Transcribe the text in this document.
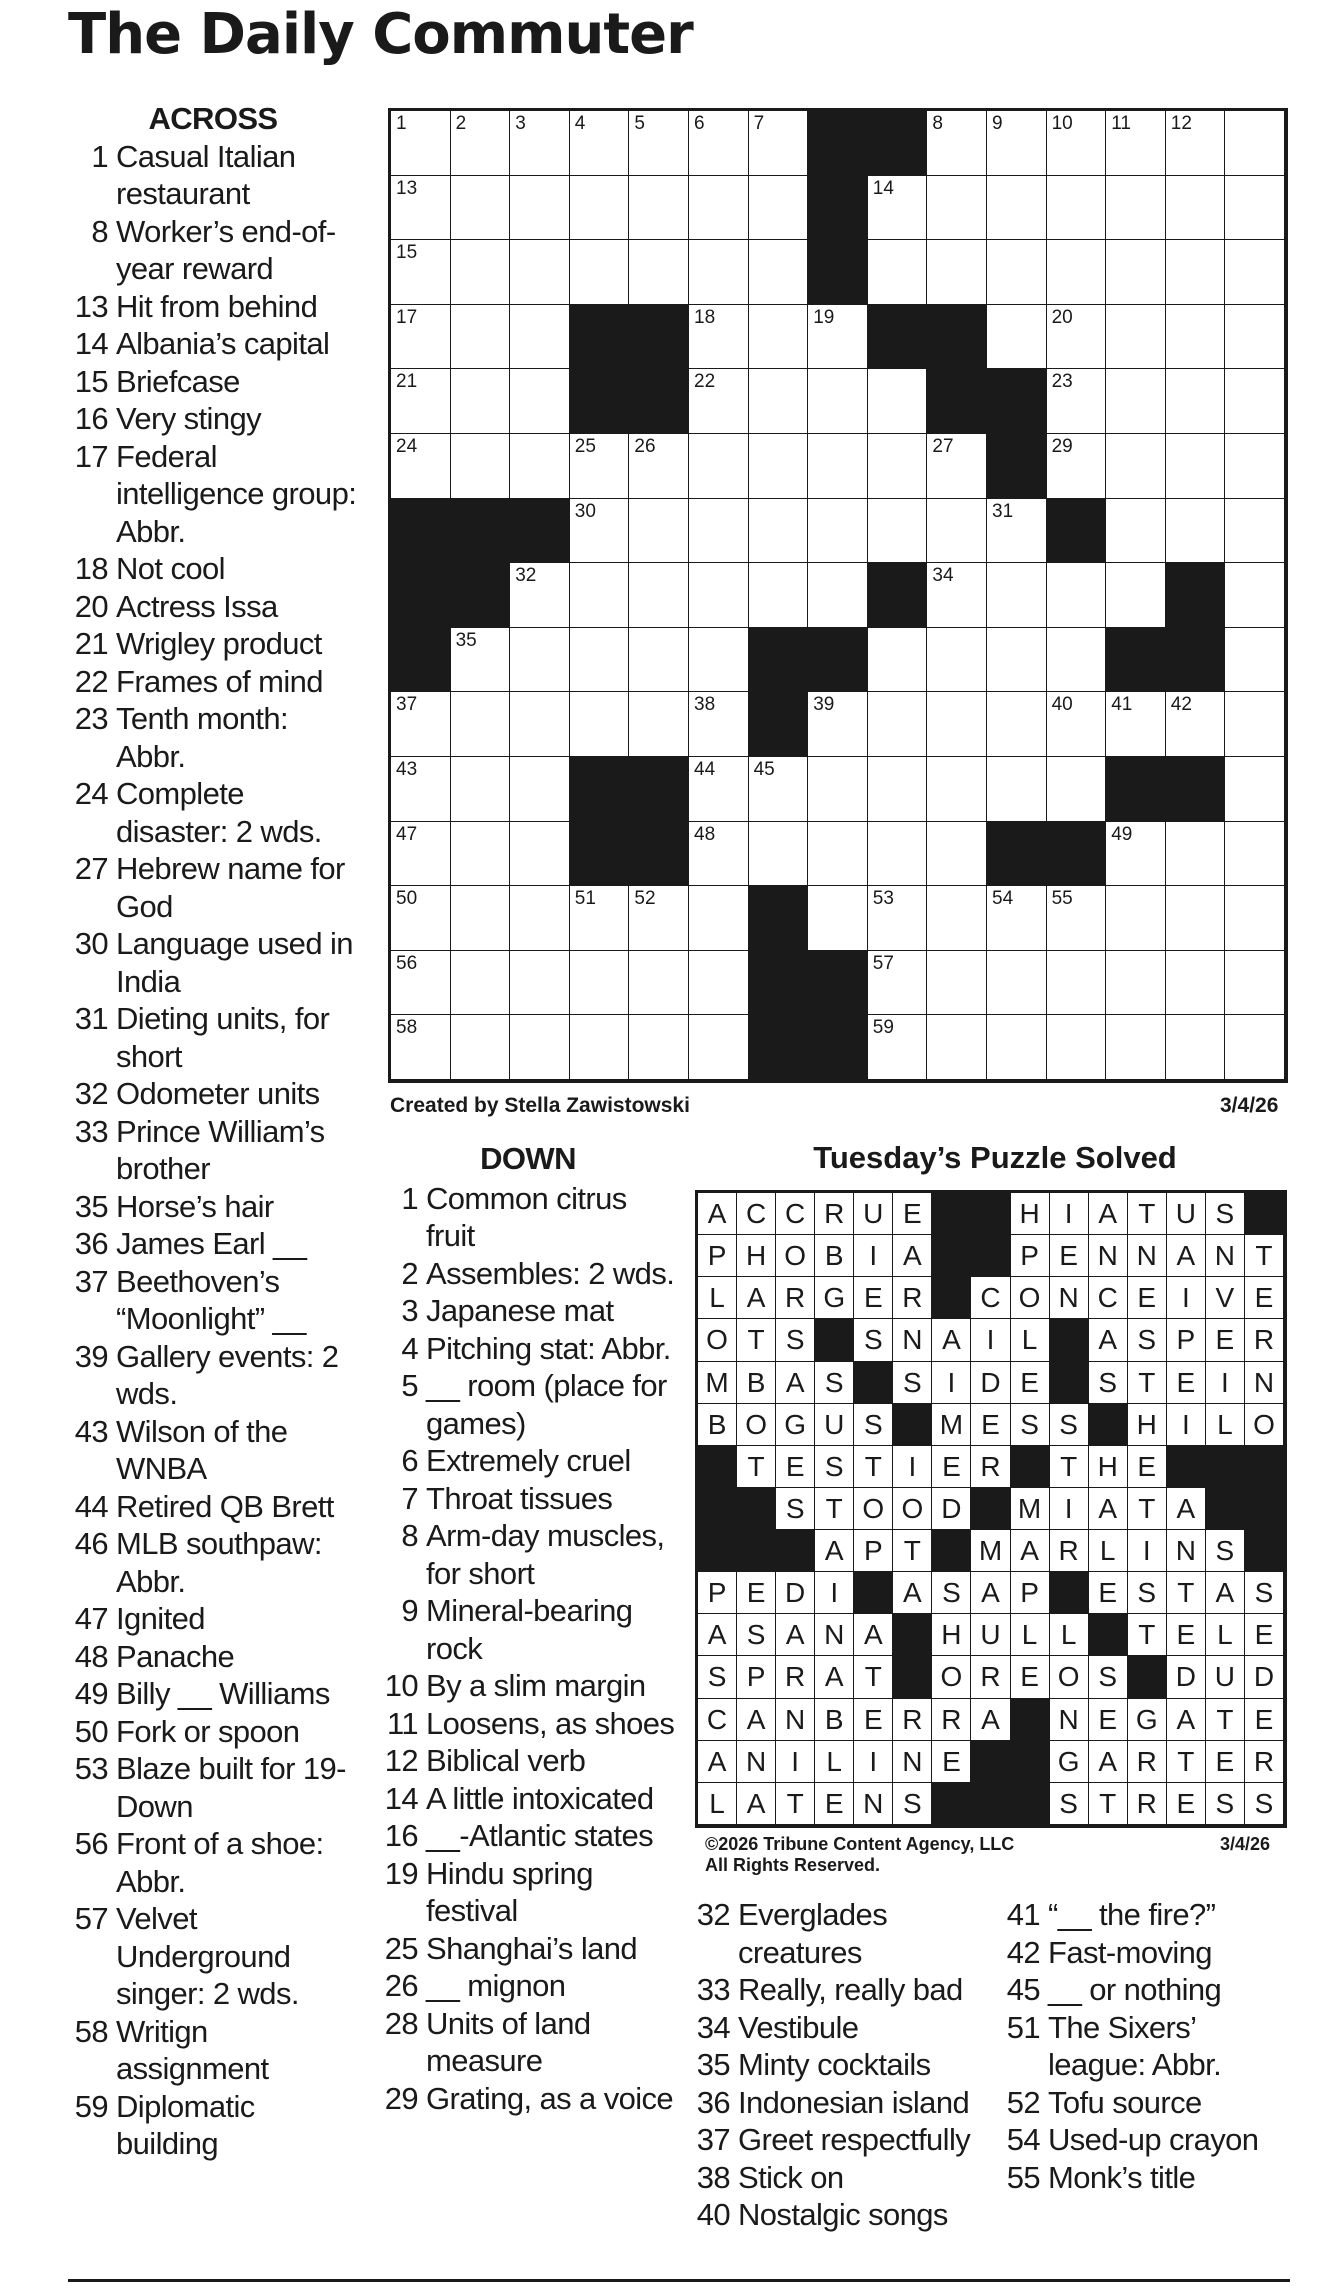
The Daily Commuter
ACROSS
1 Casual Italian restaurant
8 Worker’s end-of-year reward
13 Hit from behind
14 Albania’s capital
15 Briefcase
16 Very stingy
17 Federal intelligence group: Abbr.
18 Not cool
20 Actress Issa
21 Wrigley product
22 Frames of mind
23 Tenth month: Abbr.
24 Complete disaster: 2 wds.
27 Hebrew name for God
30 Language used in India
31 Dieting units, for short
32 Odometer units
33 Prince William’s brother
35 Horse’s hair
36 James Earl __
37 Beethoven’s “Moonlight” __
39 Gallery events: 2 wds.
43 Wilson of the WNBA
44 Retired QB Brett
46 MLB southpaw: Abbr.
47 Ignited
48 Panache
49 Billy __ Williams
50 Fork or spoon
53 Blaze built for 19-Down
56 Front of a shoe: Abbr.
57 Velvet Underground singer: 2 wds.
58 Writign assignment
59 Diplomatic building
1	2	3	4	5	6	7	8	9	10 11 12
13	14
15
17	18	19	20
21	22	23
24	25 26	27	29
30	31
32	34
35
37	38	39	40 41 42
43	44 45
47	48	49
50	51 52	53	54 55
56	57
58	59
Created by Stella Zawistowski	3/4/26
DOWN
1 Common citrus fruit
2 Assembles: 2 wds.
3 Japanese mat
4 Pitching stat: Abbr.
5 __ room (place for games)
6 Extremely cruel
7 Throat tissues
8 Arm-day muscles, for short
9 Mineral-bearing rock
10 By a slim margin
11 Loosens, as shoes
12 Biblical verb
14 A little intoxicated
16 __-Atlantic states
19 Hindu spring festival
25 Shanghai’s land
26 __ mignon
28 Units of land measure
29 Grating, as a voice
Tuesday’s Puzzle Solved
A C C R U E	H I A T U S
P H O B I A	P E N N A N T
L A R G E R	C O N C E I V E
O T S	S N A I L	A S P E R
M B A S	S I D E	S T E I N
B O G U S	M E S S	H I L O
T E S T I E R	T H E
S T O O D	M I A T A
A P T	M A R L I N S
P E D I	A S A P	E S T A S
A S A N A	H U L L	T E L E
S P R A T	O R E O S	D U D
C A N B E R R A	N E G A T E
A N I L I N E	G A R T E R
L A T E N S	S T R E S S
©2026 Tribune Content Agency, LLC
All Rights Reserved.
3/4/26
32 Everglades creatures
33 Really, really bad
34 Vestibule
35 Minty cocktails
36 Indonesian island
37 Greet respectfully
38 Stick on
40 Nostalgic songs
41 “__ the fire?”
42 Fast-moving
45 __ or nothing
51 The Sixers’ league: Abbr.
52 Tofu source
54 Used-up crayon
55 Monk’s title
